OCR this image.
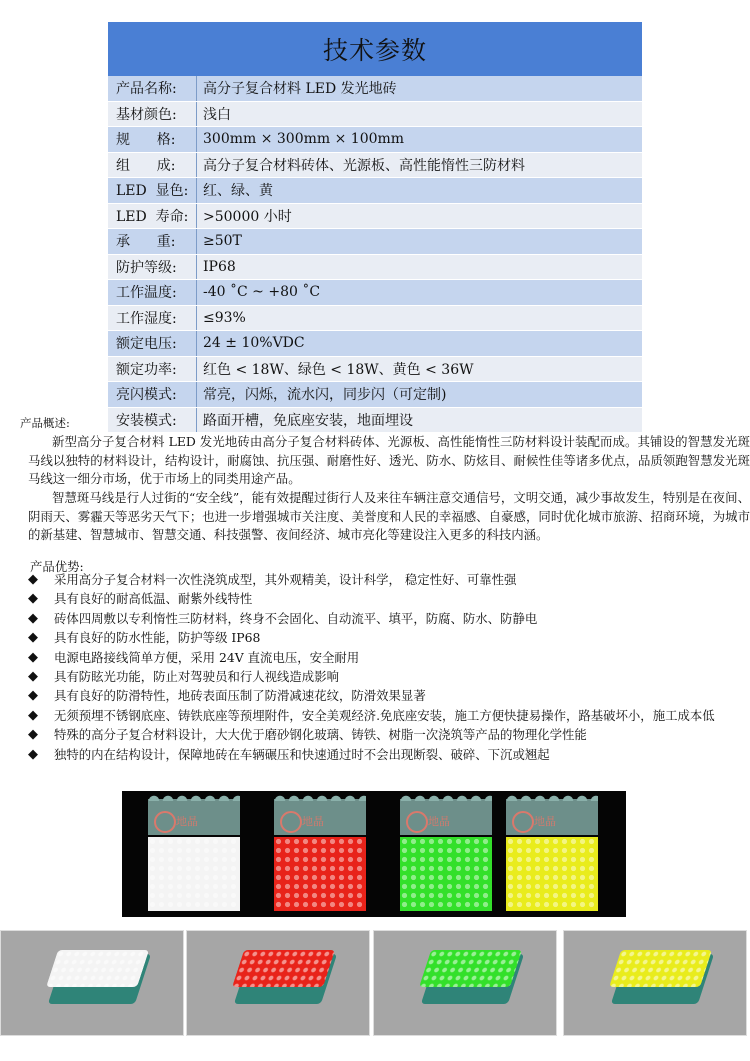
技术参数
产品名称:	高分子复合材料 LED 发光地砖
基材颜色:	浅白
规      格:	300mm × 300mm × 100mm
组      成:	高分子复合材料砖体、光源板、高性能惰性三防材料
LED  显色:	红、绿、黄
LED  寿命:	>50000 小时
承      重:	≥50T
防护等级:	IP68
工作温度:	-40 ˚C ~ +80 ˚C
工作湿度:	≤93%
额定电压:	24 ± 10%VDC
额定功率:	红色 < 18W、绿色 < 18W、黄色 < 36W
亮闪模式:	常亮，闪烁，流水闪，同步闪（可定制)
安装模式:	路面开槽，免底座安装，地面埋设
产品概述:
新型高分子复合材料 LED 发光地砖由高分子复合材料砖体、光源板、高性能惰性三防材料设计装配而成。其铺设的智慧发光斑马线以独特的材料设计，结构设计，耐腐蚀、抗压强、耐磨性好、透光、防水、防炫目、耐候性佳等诸多优点，品质领跑智慧发光斑马线这一细分市场，优于市场上的同类用途产品。
智慧斑马线是行人过街的“安全线”，能有效提醒过街行人及来往车辆注意交通信号，文明交通，减少事故发生，特别是在夜间、阴雨天、雾霾天等恶劣天气下；也进一步增强城市关注度、美誉度和人民的幸福感、自豪感，同时优化城市旅游、招商环境，为城市的新基建、智慧城市、智慧交通、科技强警、夜间经济、城市亮化等建设注入更多的科技内涵。
产品优势:
◆ 采用高分子复合材料一次性浇筑成型，其外观精美，设计科学， 稳定性好、可靠性强
◆ 具有良好的耐高低温、耐紫外线特性
◆ 砖体四周敷以专利惰性三防材料，终身不会固化、自动流平、填平，防腐、防水、防静电
◆ 具有良好的防水性能，防护等级 IP68
◆ 电源电路接线简单方便，采用 24V 直流电压，安全耐用
◆ 具有防眩光功能，防止对驾驶员和行人视线造成影响
◆ 具有良好的防滑特性，地砖表面压制了防滑减速花纹，防滑效果显著
◆ 无须预埋不锈钢底座、铸铁底座等预埋附件，安全美观经济.免底座安装，施工方便快捷易操作，路基破坏小，施工成本低
◆ 特殊的高分子复合材料设计，大大优于磨砂钢化玻璃、铸铁、树脂一次浇筑等产品的物理化学性能
◆ 独特的内在结构设计，保障地砖在车辆碾压和快速通过时不会出现断裂、破碎、下沉或翘起
地晶	地晶	地晶	地晶
